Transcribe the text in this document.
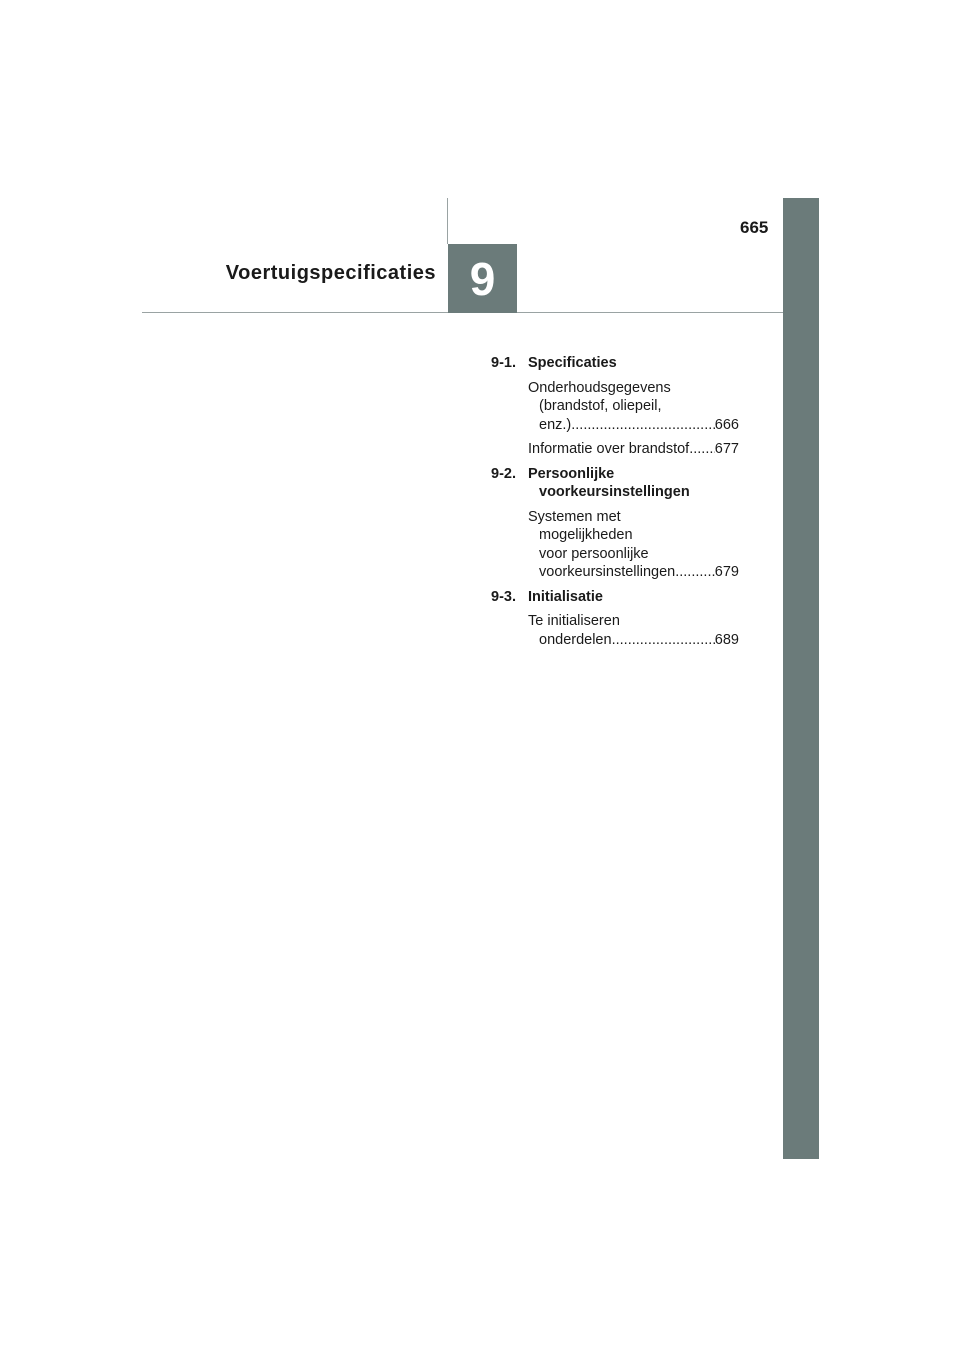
9
Voertuigspecificaties
665
9-1. Specificaties
Onderhoudsgegevens
(brandstof, oliepeil,
enz.) .....	666
Informatie over brandstof ..... 677
9-2. Persoonlijke
voorkeursinstellingen
Systemen met
mogelijkheden
voor persoonlijke
voorkeursinstellingen .....	679
9-3. Initialisatie
Te initialiseren
onderdelen .....	689
